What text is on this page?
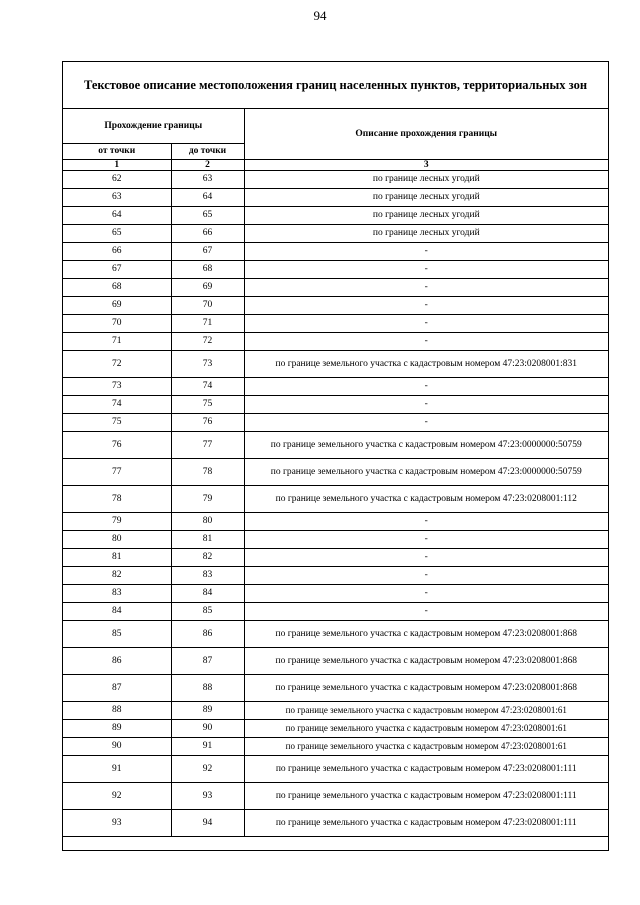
94
Текстовое описание местоположения границ населенных пунктов, территориальных зон
Прохождение границы		Описание прохождения границы
от точки	до точки	
1	2	3
62	63	по границе лесных угодий
63	64	по границе лесных угодий
64	65	по границе лесных угодий
65	66	по границе лесных угодий
66	67	-
67	68	-
68	69	-
69	70	-
70	71	-
71	72	-
72	73	по границе земельного участка с кадастровым номером 47:23:0208001:831
73	74	-
74	75	-
75	76	-
76	77	по границе земельного участка с кадастровым номером 47:23:0000000:50759
77	78	по границе земельного участка с кадастровым номером 47:23:0000000:50759
78	79	по границе земельного участка с кадастровым номером 47:23:0208001:112
79	80	-
80	81	-
81	82	-
82	83	-
83	84	-
84	85	-
85	86	по границе земельного участка с кадастровым номером 47:23:0208001:868
86	87	по границе земельного участка с кадастровым номером 47:23:0208001:868
87	88	по границе земельного участка с кадастровым номером 47:23:0208001:868
88	89	по границе земельного участка с кадастровым номером 47:23:0208001:61
89	90	по границе земельного участка с кадастровым номером 47:23:0208001:61
90	91	по границе земельного участка с кадастровым номером 47:23:0208001:61
91	92	по границе земельного участка с кадастровым номером 47:23:0208001:111
92	93	по границе земельного участка с кадастровым номером 47:23:0208001:111
93	94	по границе земельного участка с кадастровым номером 47:23:0208001:111
